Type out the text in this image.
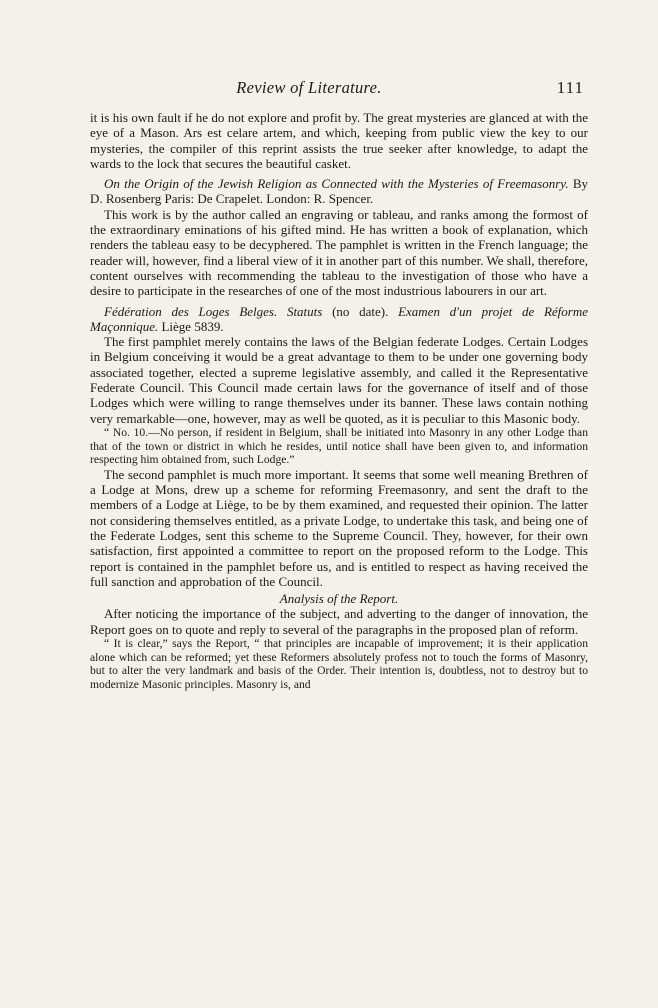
Review of Literature.	111

it is his own fault if he do not explore and profit by. The great mysteries are glanced at with the eye of a Mason. Ars est celare artem, and which, keeping from public view the key to our mysteries, the compiler of this reprint assists the true seeker after knowledge, to adapt the wards to the lock that secures the beautiful casket.

On the Origin of the Jewish Religion as Connected with the Mysteries of Freemasonry. By D. Rosenberg Paris: De Crapelet. London: R. Spencer.

This work is by the author called an engraving or tableau, and ranks among the formost of the extraordinary eminations of his gifted mind. He has written a book of explanation, which renders the tableau easy to be decyphered. The pamphlet is written in the French language; the reader will, however, find a liberal view of it in another part of this number. We shall, therefore, content ourselves with recommending the tableau to the investigation of those who have a desire to participate in the researches of one of the most industrious labourers in our art.

Fédération des Loges Belges. Statuts (no date). Examen d'un projet de Réforme Maçonnique. Liège 5839.

The first pamphlet merely contains the laws of the Belgian federate Lodges. Certain Lodges in Belgium conceiving it would be a great advantage to them to be under one governing body associated together, elected a supreme legislative assembly, and called it the Representative Federate Council. This Council made certain laws for the governance of itself and of those Lodges which were willing to range themselves under its banner. These laws contain nothing very remarkable—one, however, may as well be quoted, as it is peculiar to this Masonic body.

“ No. 10.—No person, if resident in Belgium, shall be initiated into Masonry in any other Lodge than that of the town or district in which he resides, until notice shall have been given to, and information respecting him obtained from, such Lodge.”

The second pamphlet is much more important. It seems that some well meaning Brethren of a Lodge at Mons, drew up a scheme for reforming Freemasonry, and sent the draft to the members of a Lodge at Liège, to be by them examined, and requested their opinion. The latter not considering themselves entitled, as a private Lodge, to undertake this task, and being one of the Federate Lodges, sent this scheme to the Supreme Council. They, however, for their own satisfaction, first appointed a committee to report on the proposed reform to the Lodge. This report is contained in the pamphlet before us, and is entitled to respect as having received the full sanction and approbation of the Council.

Analysis of the Report.

After noticing the importance of the subject, and adverting to the danger of innovation, the Report goes on to quote and reply to several of the paragraphs in the proposed plan of reform.

“ It is clear,” says the Report, “ that principles are incapable of improvement; it is their application alone which can be reformed; yet these Reformers absolutely profess not to touch the forms of Masonry, but to alter the very landmark and basis of the Order. Their intention is, doubtless, not to destroy but to modernize Masonic principles. Masonry is, and
